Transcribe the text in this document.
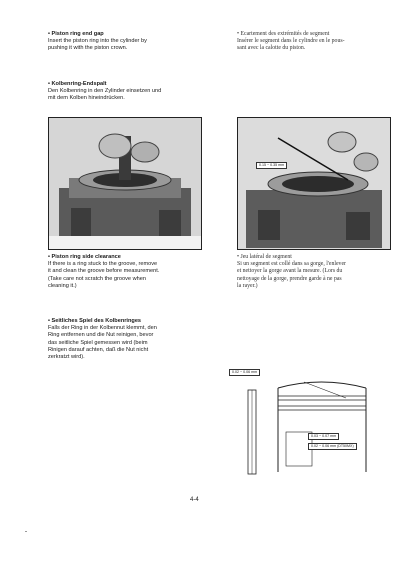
• Piston ring end gap
Insert the piston ring into the cylinder by
pushing it with the piston crown.
• Ecartement des extrémités de segment
Insérer le segment dans le cylindre en le pous-
sant avec la calotte du piston.
• Kolbenring-Endspalt
Den Kolbenring in den Zylinder einsetzen und
mit dem Kolben hineindrücken.
0.15 ~ 0.35 mm
• Piston ring side clearance
If there is a ring stuck to the groove, remove
it and clean the groove before measurement.
(Take care not scratch the groove when
cleaning it.)
• Jeu latéral de segment
Si un segment est collé dans sa gorge, l'enlever
et nettoyer la gorge avant la mesure. (Lors du
nettoyage de la gorge, prendre garde à ne pas
la rayer.)
• Seitliches Spiel des Kolbenringes
Falls der Ring in der Kolbennut klemmt, den
Ring entfernen und die Nut reinigen, bevor
das seitliche Spiel gemessen wird (beim
Rinigen darauf achten, daß die Nut nicht
zerkratzt wird).
0.02 ~ 0.06 mm
0.03 ~ 0.07 mm
0.02 ~ 0.06 mm (DT50MX)
4-4
